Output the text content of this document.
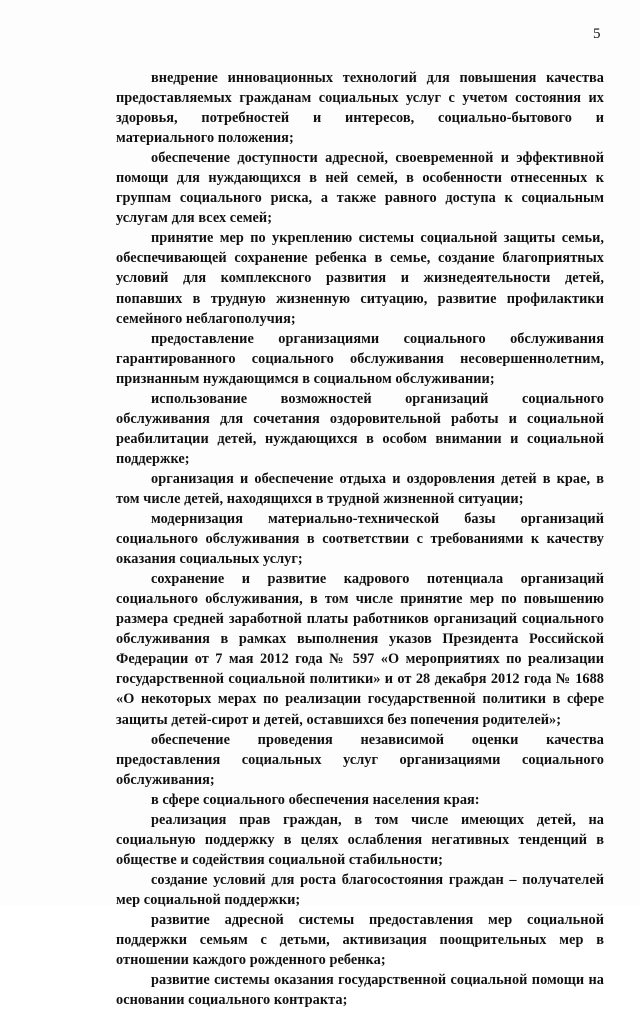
5

внедрение инновационных технологий для повышения качества предоставляемых гражданам социальных услуг с учетом состояния их здоровья, потребностей и интересов, социально-бытового и материального положения;

обеспечение доступности адресной, своевременной и эффективной помощи для нуждающихся в ней семей, в особенности отнесенных к группам социального риска, а также равного доступа к социальным услугам для всех семей;

принятие мер по укреплению системы социальной защиты семьи, обеспечивающей сохранение ребенка в семье, создание благоприятных условий для комплексного развития и жизнедеятельности детей, попавших в трудную жизненную ситуацию, развитие профилактики семейного неблагополучия;

предоставление организациями социального обслуживания гарантированного социального обслуживания несовершеннолетним, признанным нуждающимся в социальном обслуживании;

использование возможностей организаций социального обслуживания для сочетания оздоровительной работы и социальной реабилитации детей, нуждающихся в особом внимании и социальной поддержке;

организация и обеспечение отдыха и оздоровления детей в крае, в том числе детей, находящихся в трудной жизненной ситуации;

модернизация материально-технической базы организаций социального обслуживания в соответствии с требованиями к качеству оказания социальных услуг;

сохранение и развитие кадрового потенциала организаций социального обслуживания, в том числе принятие мер по повышению размера средней заработной платы работников организаций социального обслуживания в рамках выполнения указов Президента Российской Федерации от 7 мая 2012 года № 597 «О мероприятиях по реализации государственной социальной политики» и от 28 декабря 2012 года № 1688 «О некоторых мерах по реализации государственной политики в сфере защиты детей-сирот и детей, оставшихся без попечения родителей»;

обеспечение проведения независимой оценки качества предоставления социальных услуг организациями социального обслуживания;

в сфере социального обеспечения населения края:

реализация прав граждан, в том числе имеющих детей, на социальную поддержку в целях ослабления негативных тенденций в обществе и содействия социальной стабильности;

создание условий для роста благосостояния граждан – получателей мер социальной поддержки;

развитие адресной системы предоставления мер социальной поддержки семьям с детьми, активизация поощрительных мер в отношении каждого рожденного ребенка;

развитие системы оказания государственной социальной помощи на основании социального контракта;
